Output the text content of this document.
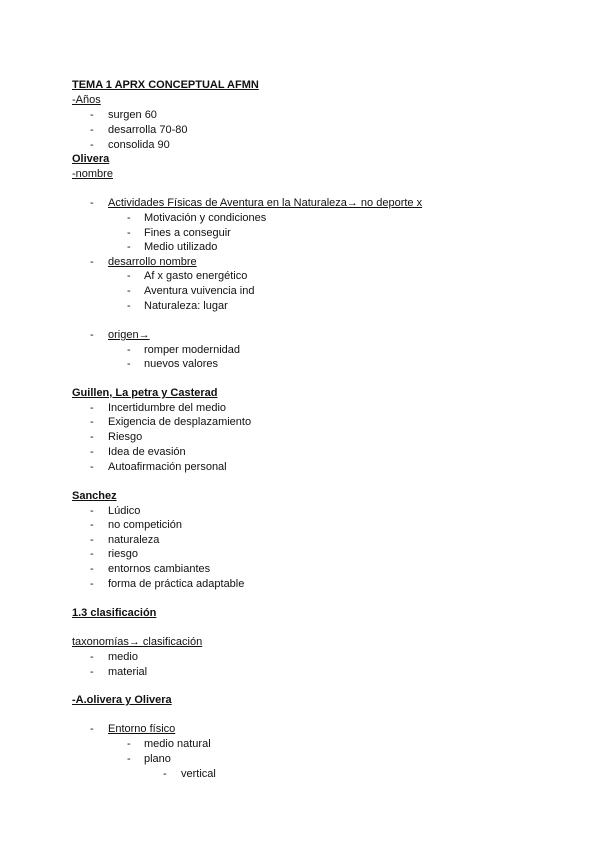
TEMA 1 APRX CONCEPTUAL AFMN
-Años
- surgen 60
- desarrolla 70-80
- consolida 90
Olivera
-nombre
- Actividades Físicas de Aventura en la Naturaleza→ no deporte x
- Motivación y condiciones
- Fines a conseguir
- Medio utilizado
- desarrollo nombre
- Af x gasto energético
- Aventura vuivencia ind
- Naturaleza: lugar
- origen→
- romper modernidad
- nuevos valores
Guillen, La petra y Casterad
- Incertidumbre del medio
- Exigencia de desplazamiento
- Riesgo
- Idea de evasión
- Autoafirmación personal
Sanchez
- Lúdico
- no competición
- naturaleza
- riesgo
- entornos cambiantes
- forma de práctica adaptable
1.3 clasificación
taxonomías→ clasificación
- medio
- material
-A.olivera y Olivera
- Entorno físico
- medio natural
- plano
- vertical
